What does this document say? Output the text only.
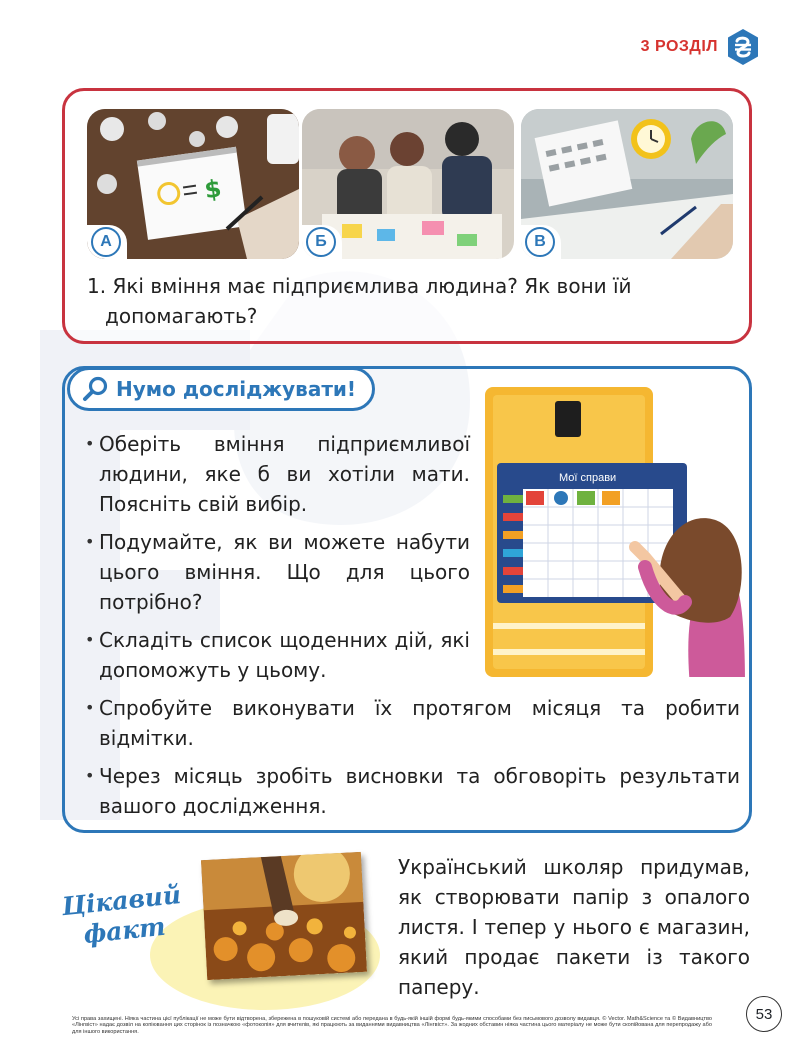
3 РОЗДІЛ
$
А	Б	В

1. Які вміння має підприємлива людина? Як вони їй
допомагають?

Нумо досліджувати!
• Оберіть вміння підприємливої людини, яке б ви хотіли мати. Поясніть свій вибір.
• Подумайте, як ви можете набути цього вміння. Що для цього потрібно?
• Складіть список щоденних дій, які допоможуть у цьому.
• Спробуйте виконувати їх протягом місяця та робити відмітки.
• Через місяць зробіть висновки та обговоріть результати вашого дослідження.
Мої справи
Цікавий факт
Український школяр придумав, як створювати папір з опалого листя. І тепер у нього є магазин, який продає пакети із такого паперу.
Усі права захищені. Ніяка частина цієї публікації не може бути відтворена, збережена в пошуковій системі або передана в будь-якій іншій формі будь-якими способами без письмового дозволу видавця. © Vector. Math&Science та © Видавництво «Лінгвіст» надає дозвіл на копіювання цих сторінок із позначкою «фотокопія» для вчителів, які працюють за виданнями видавництва «Лінгвіст». За жодних обставин ніяка частина цього матеріалу не може бути скопійована для перепродажу або для іншого використання.
53
